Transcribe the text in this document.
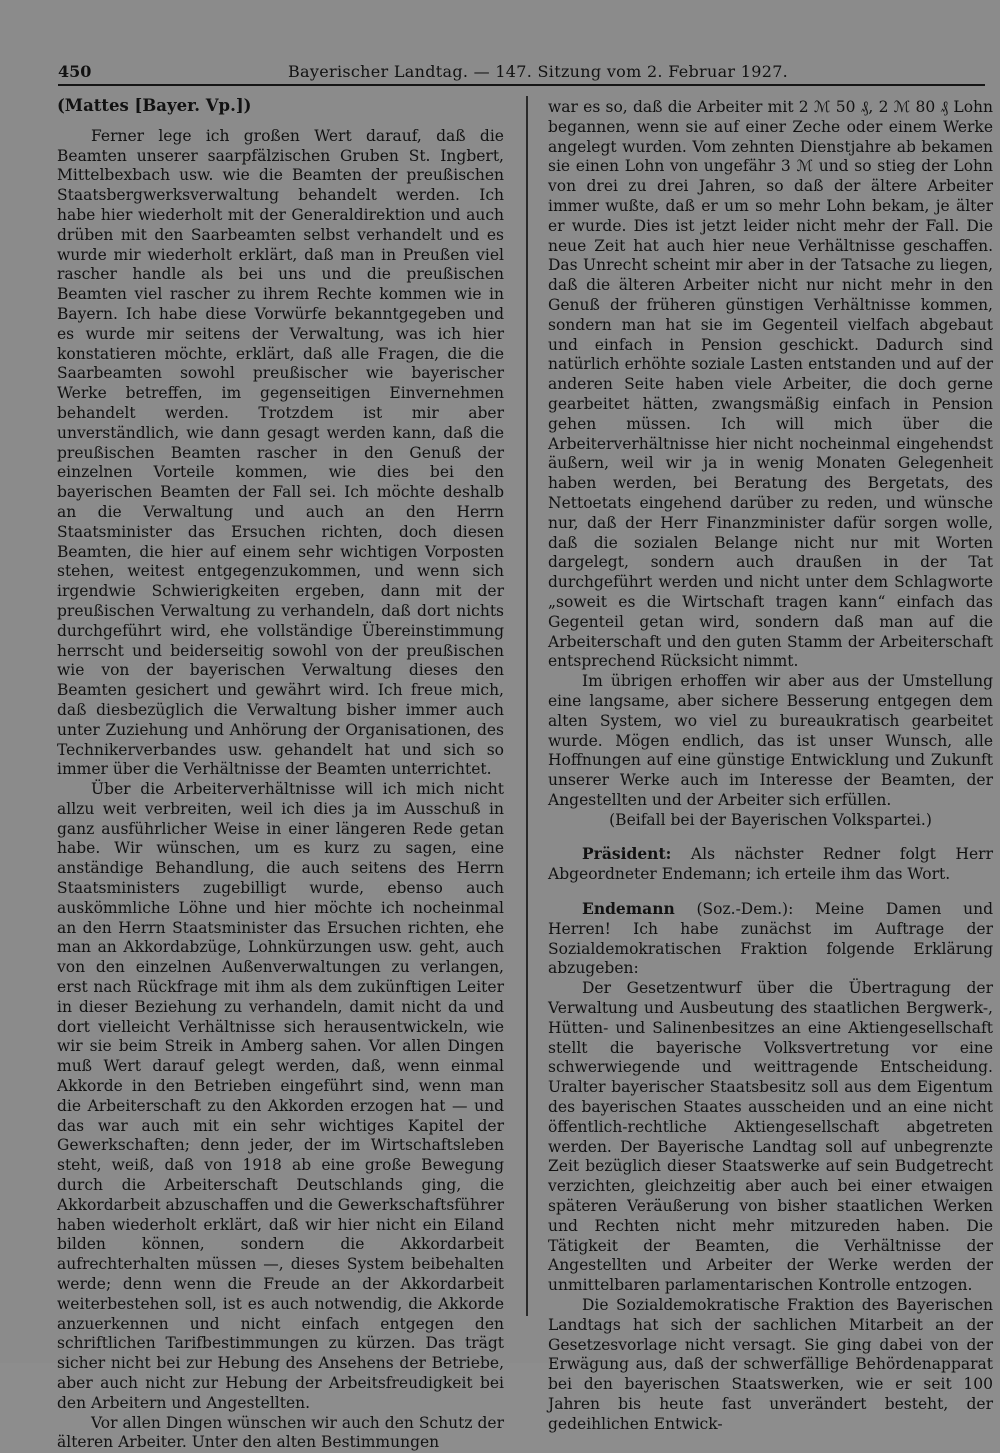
450	Bayerischer Landtag. — 147. Sitzung vom 2. Februar 1927.

(Mattes [Bayer. Vp.])

Ferner lege ich großen Wert darauf, daß die Beamten unserer saarpfälzischen Gruben St. Ingbert, Mittelbexbach usw. wie die Beamten der preußischen Staatsbergwerksverwaltung behandelt werden. Ich habe hier wiederholt mit der Generaldirektion und auch drüben mit den Saarbeamten selbst verhandelt und es wurde mir wiederholt erklärt, daß man in Preußen viel rascher handle als bei uns und die preußischen Beamten viel rascher zu ihrem Rechte kommen wie in Bayern. Ich habe diese Vorwürfe bekanntgegeben und es wurde mir seitens der Verwaltung, was ich hier konstatieren möchte, erklärt, daß alle Fragen, die die Saarbeamten sowohl preußischer wie bayerischer Werke betreffen, im gegenseitigen Einvernehmen behandelt werden. Trotzdem ist mir aber unverständlich, wie dann gesagt werden kann, daß die preußischen Beamten rascher in den Genuß der einzelnen Vorteile kommen, wie dies bei den bayerischen Beamten der Fall sei. Ich möchte deshalb an die Verwaltung und auch an den Herrn Staatsminister das Ersuchen richten, doch diesen Beamten, die hier auf einem sehr wichtigen Vorposten stehen, weitest entgegenzukommen, und wenn sich irgendwie Schwierigkeiten ergeben, dann mit der preußischen Verwaltung zu verhandeln, daß dort nichts durchgeführt wird, ehe vollständige Übereinstimmung herrscht und beiderseitig sowohl von der preußischen wie von der bayerischen Verwaltung dieses den Beamten gesichert und gewährt wird. Ich freue mich, daß diesbezüglich die Verwaltung bisher immer auch unter Zuziehung und Anhörung der Organisationen, des Technikerverbandes usw. gehandelt hat und sich so immer über die Verhältnisse der Beamten unterrichtet.

Über die Arbeiterverhältnisse will ich mich nicht allzu weit verbreiten, weil ich dies ja im Ausschuß in ganz ausführlicher Weise in einer längeren Rede getan habe. Wir wünschen, um es kurz zu sagen, eine anständige Behandlung, die auch seitens des Herrn Staatsministers zugebilligt wurde, ebenso auch auskömmliche Löhne und hier möchte ich nocheinmal an den Herrn Staatsminister das Ersuchen richten, ehe man an Akkordabzüge, Lohnkürzungen usw. geht, auch von den einzelnen Außenverwaltungen zu verlangen, erst nach Rückfrage mit ihm als dem zukünftigen Leiter in dieser Beziehung zu verhandeln, damit nicht da und dort vielleicht Verhältnisse sich herausentwickeln, wie wir sie beim Streik in Amberg sahen. Vor allen Dingen muß Wert darauf gelegt werden, daß, wenn einmal Akkorde in den Betrieben eingeführt sind, wenn man die Arbeiterschaft zu den Akkorden erzogen hat — und das war auch mit ein sehr wichtiges Kapitel der Gewerkschaften; denn jeder, der im Wirtschaftsleben steht, weiß, daß von 1918 ab eine große Bewegung durch die Arbeiterschaft Deutschlands ging, die Akkordarbeit abzuschaffen und die Gewerkschaftsführer haben wiederholt erklärt, daß wir hier nicht ein Eiland bilden können, sondern die Akkordarbeit aufrechterhalten müssen —, dieses System beibehalten werde; denn wenn die Freude an der Akkordarbeit weiterbestehen soll, ist es auch notwendig, die Akkorde anzuerkennen und nicht einfach entgegen den schriftlichen Tarifbestimmungen zu kürzen. Das trägt sicher nicht bei zur Hebung des Ansehens der Betriebe, aber auch nicht zur Hebung der Arbeitsfreudigkeit bei den Arbeitern und Angestellten.

Vor allen Dingen wünschen wir auch den Schutz der älteren Arbeiter. Unter den alten Bestimmungen

war es so, daß die Arbeiter mit 2 ℳ 50 ₰, 2 ℳ 80 ₰ Lohn begannen, wenn sie auf einer Zeche oder einem Werke angelegt wurden. Vom zehnten Dienstjahre ab bekamen sie einen Lohn von ungefähr 3 ℳ und so stieg der Lohn von drei zu drei Jahren, so daß der ältere Arbeiter immer wußte, daß er um so mehr Lohn bekam, je älter er wurde. Dies ist jetzt leider nicht mehr der Fall. Die neue Zeit hat auch hier neue Verhältnisse geschaffen. Das Unrecht scheint mir aber in der Tatsache zu liegen, daß die älteren Arbeiter nicht nur nicht mehr in den Genuß der früheren günstigen Verhältnisse kommen, sondern man hat sie im Gegenteil vielfach abgebaut und einfach in Pension geschickt. Dadurch sind natürlich erhöhte soziale Lasten entstanden und auf der anderen Seite haben viele Arbeiter, die doch gerne gearbeitet hätten, zwangsmäßig einfach in Pension gehen müssen. Ich will mich über die Arbeiterverhältnisse hier nicht nocheinmal eingehendst äußern, weil wir ja in wenig Monaten Gelegenheit haben werden, bei Beratung des Bergetats, des Nettoetats eingehend darüber zu reden, und wünsche nur, daß der Herr Finanzminister dafür sorgen wolle, daß die sozialen Belange nicht nur mit Worten dargelegt, sondern auch draußen in der Tat durchgeführt werden und nicht unter dem Schlagworte „soweit es die Wirtschaft tragen kann“ einfach das Gegenteil getan wird, sondern daß man auf die Arbeiterschaft und den guten Stamm der Arbeiterschaft entsprechend Rücksicht nimmt.

Im übrigen erhoffen wir aber aus der Umstellung eine langsame, aber sichere Besserung entgegen dem alten System, wo viel zu bureaukratisch gearbeitet wurde. Mögen endlich, das ist unser Wunsch, alle Hoffnungen auf eine günstige Entwicklung und Zukunft unserer Werke auch im Interesse der Beamten, der Angestellten und der Arbeiter sich erfüllen.

(Beifall bei der Bayerischen Volkspartei.)

Präsident: Als nächster Redner folgt Herr Abgeordneter Endemann; ich erteile ihm das Wort.

Endemann (Soz.-Dem.): Meine Damen und Herren! Ich habe zunächst im Auftrage der Sozialdemokratischen Fraktion folgende Erklärung abzugeben:

Der Gesetzentwurf über die Übertragung der Verwaltung und Ausbeutung des staatlichen Bergwerk-, Hütten- und Salinenbesitzes an eine Aktiengesellschaft stellt die bayerische Volksvertretung vor eine schwerwiegende und weittragende Entscheidung. Uralter bayerischer Staatsbesitz soll aus dem Eigentum des bayerischen Staates ausscheiden und an eine nicht öffentlich-rechtliche Aktiengesellschaft abgetreten werden. Der Bayerische Landtag soll auf unbegrenzte Zeit bezüglich dieser Staatswerke auf sein Budgetrecht verzichten, gleichzeitig aber auch bei einer etwaigen späteren Veräußerung von bisher staatlichen Werken und Rechten nicht mehr mitzureden haben. Die Tätigkeit der Beamten, die Verhältnisse der Angestellten und Arbeiter der Werke werden der unmittelbaren parlamentarischen Kontrolle entzogen.

Die Sozialdemokratische Fraktion des Bayerischen Landtags hat sich der sachlichen Mitarbeit an der Gesetzesvorlage nicht versagt. Sie ging dabei von der Erwägung aus, daß der schwerfällige Behördenapparat bei den bayerischen Staatswerken, wie er seit 100 Jahren bis heute fast unverändert besteht, der gedeihlichen Entwick-
